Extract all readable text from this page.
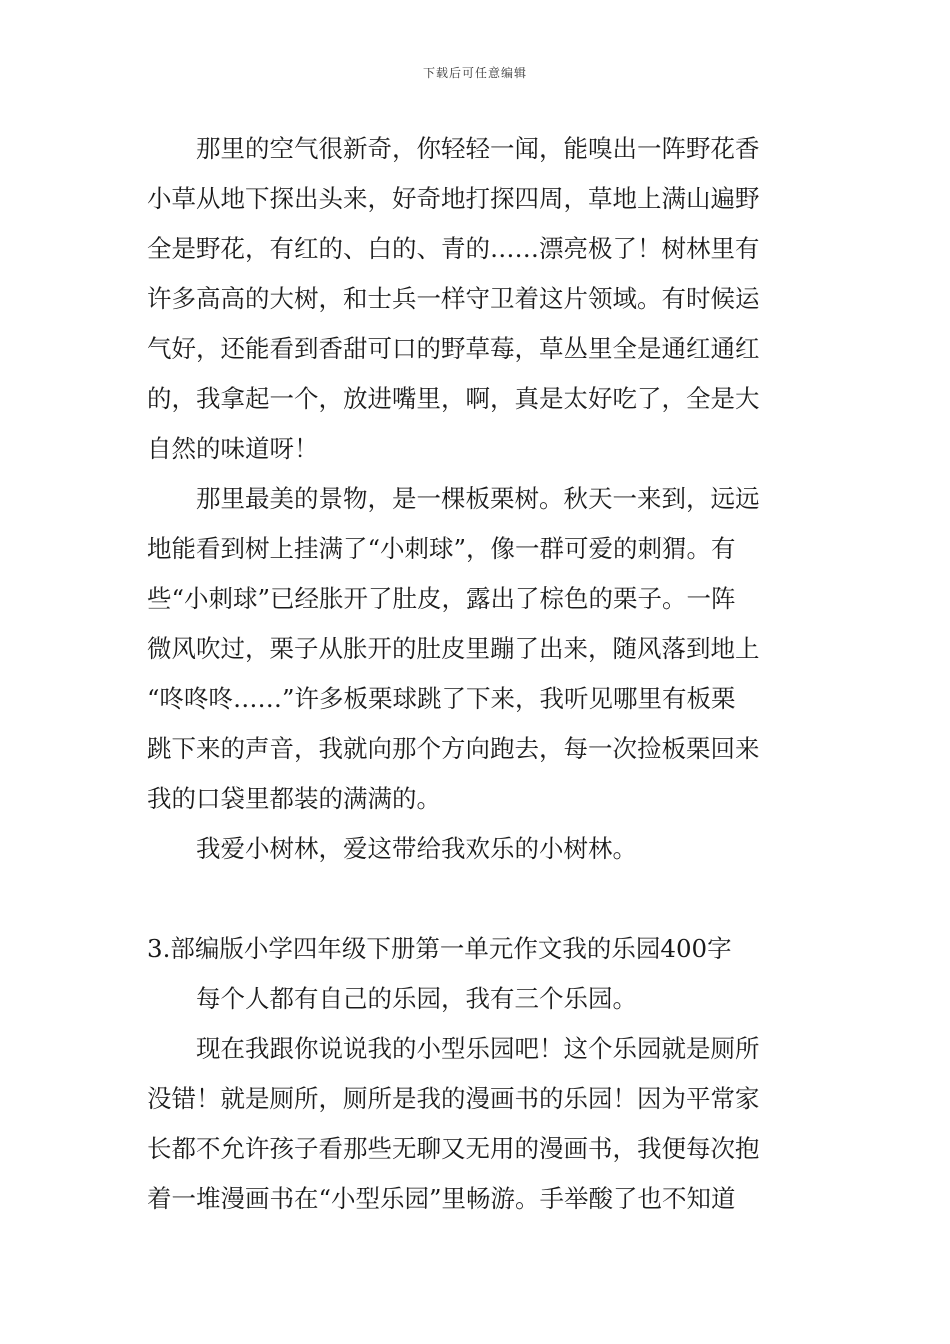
下载后可任意编辑

　　那里的空气很新奇，你轻轻一闻，能嗅出一阵野花香

小草从地下探出头来，好奇地打探四周，草地上满山遍野

全是野花，有红的、白的、青的……漂亮极了！树林里有

许多高高的大树，和士兵一样守卫着这片领域。有时候运

气好，还能看到香甜可口的野草莓，草丛里全是通红通红

的，我拿起一个，放进嘴里，啊，真是太好吃了，全是大

自然的味道呀！

　　那里最美的景物，是一棵板栗树。秋天一来到，远远

地能看到树上挂满了“小刺球”，像一群可爱的刺猬。有

些“小刺球”已经胀开了肚皮，露出了棕色的栗子。一阵

微风吹过，栗子从胀开的肚皮里蹦了出来，随风落到地上

“咚咚咚……”许多板栗球跳了下来，我听见哪里有板栗

跳下来的声音，我就向那个方向跑去，每一次捡板栗回来

我的口袋里都装的满满的。

　　我爱小树林，爱这带给我欢乐的小树林。

3.部编版小学四年级下册第一单元作文我的乐园400字

　　每个人都有自己的乐园，我有三个乐园。

　　现在我跟你说说我的小型乐园吧！这个乐园就是厕所

没错！就是厕所，厕所是我的漫画书的乐园！因为平常家

长都不允许孩子看那些无聊又无用的漫画书，我便每次抱

着一堆漫画书在“小型乐园”里畅游。手举酸了也不知道
